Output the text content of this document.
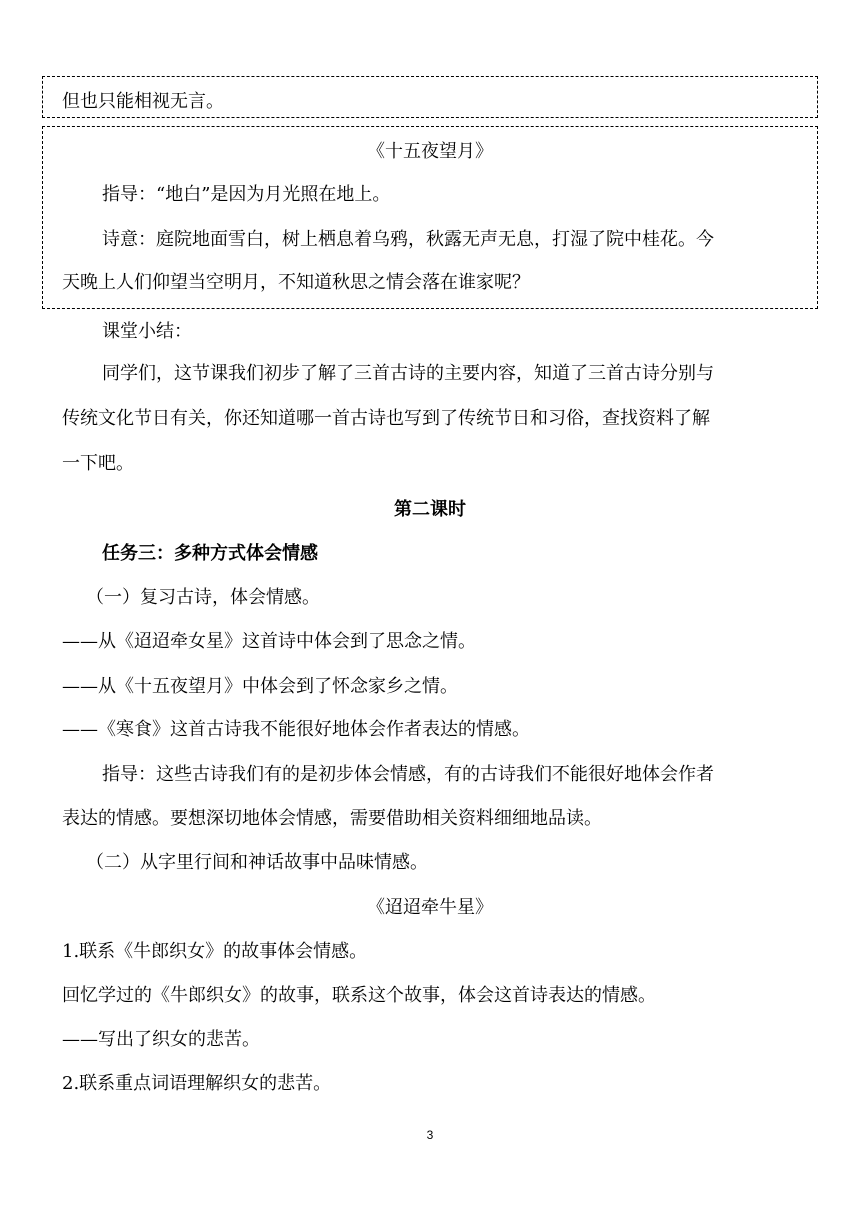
但也只能相视无言。
《十五夜望月》
指导：“地白”是因为月光照在地上。
诗意：庭院地面雪白，树上栖息着乌鸦，秋露无声无息，打湿了院中桂花。今
天晚上人们仰望当空明月，不知道秋思之情会落在谁家呢？
课堂小结：
同学们，这节课我们初步了解了三首古诗的主要内容，知道了三首古诗分别与
传统文化节日有关，你还知道哪一首古诗也写到了传统节日和习俗，查找资料了解
一下吧。
第二课时
任务三：多种方式体会情感
（一）复习古诗，体会情感。
——从《迢迢牵女星》这首诗中体会到了思念之情。
——从《十五夜望月》中体会到了怀念家乡之情。
——《寒食》这首古诗我不能很好地体会作者表达的情感。
指导：这些古诗我们有的是初步体会情感，有的古诗我们不能很好地体会作者
表达的情感。要想深切地体会情感，需要借助相关资料细细地品读。
（二）从字里行间和神话故事中品味情感。
《迢迢牵牛星》
1.联系《牛郎织女》的故事体会情感。
回忆学过的《牛郎织女》的故事，联系这个故事，体会这首诗表达的情感。
——写出了织女的悲苦。
2.联系重点词语理解织女的悲苦。
3
